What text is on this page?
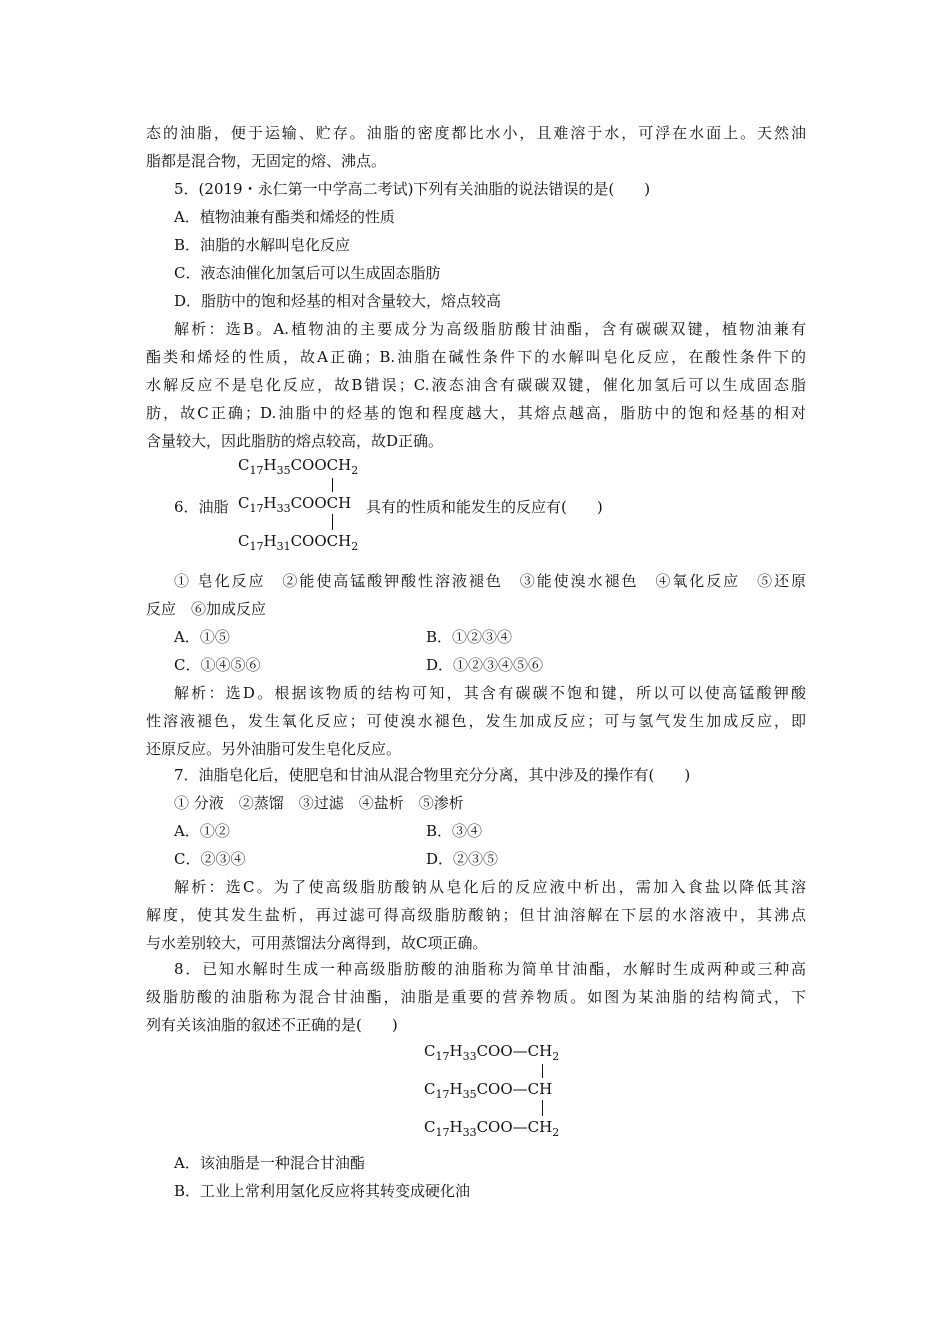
态的油脂，便于运输、贮存。油脂的密度都比水小，且难溶于水，可浮在水面上。天然油
脂都是混合物，无固定的熔、沸点。
5．(2019・永仁第一中学高二考试)下列有关油脂的说法错误的是(　　)
A．植物油兼有酯类和烯烃的性质
B．油脂的水解叫皂化反应
C．液态油催化加氢后可以生成固态脂肪
D．脂肪中的饱和烃基的相对含量较大，熔点较高
解析：选B。A.植物油的主要成分为高级脂肪酸甘油酯，含有碳碳双键，植物油兼有
酯类和烯烃的性质，故A正确；B.油脂在碱性条件下的水解叫皂化反应，在酸性条件下的
水解反应不是皂化反应，故B错误；C.液态油含有碳碳双键，催化加氢后可以生成固态脂
肪，故C正确；D.油脂中的烃基的饱和程度越大，其熔点越高，脂肪中的饱和烃基的相对
含量较大，因此脂肪的熔点较高，故D正确。
$C_{17}H_{35}COOCH_2$
$C_{17}H_{33}COOCH$
$C_{17}H_{31}COOCH_2$
6．油脂	具有的性质和能发生的反应有(　　)
① 皂化反应　②能使高锰酸钾酸性溶液褪色　③能使溴水褪色　④氧化反应　⑤还原
反应　⑥加成反应
A．①⑤	B．①②③④
C．①④⑤⑥	D．①②③④⑤⑥
解析：选D。根据该物质的结构可知，其含有碳碳不饱和键，所以可以使高锰酸钾酸
性溶液褪色，发生氧化反应；可使溴水褪色，发生加成反应；可与氢气发生加成反应，即
还原反应。另外油脂可发生皂化反应。
7．油脂皂化后，使肥皂和甘油从混合物里充分分离，其中涉及的操作有(　　)
① 分液　②蒸馏　③过滤　④盐析　⑤渗析
A．①②	B．③④
C．②③④	D．②③⑤
解析：选C。为了使高级脂肪酸钠从皂化后的反应液中析出，需加入食盐以降低其溶
解度，使其发生盐析，再过滤可得高级脂肪酸钠；但甘油溶解在下层的水溶液中，其沸点
与水差别较大，可用蒸馏法分离得到，故C项正确。
8．已知水解时生成一种高级脂肪酸的油脂称为简单甘油酯，水解时生成两种或三种高
级脂肪酸的油脂称为混合甘油酯，油脂是重要的营养物质。如图为某油脂的结构简式，下
列有关该油脂的叙述不正确的是(　　)
$C_{17}H_{33}COO—CH_2$
$C_{17}H_{35}COO—CH$
$C_{17}H_{33}COO—CH_2$
A．该油脂是一种混合甘油酯
B．工业上常利用氢化反应将其转变成硬化油
